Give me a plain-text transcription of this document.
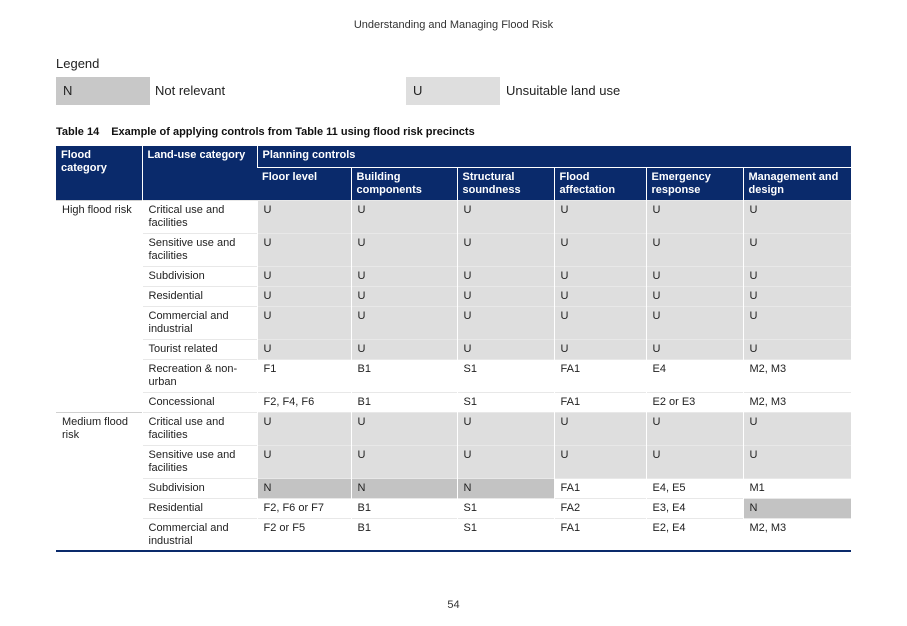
Understanding and Managing Flood Risk
Legend
N	Not relevant	U	Unsuitable land use
Table 14 Example of applying controls from Table 11 using flood risk precincts
Flood category	Land-use category	Planning controls					
		Floor level	Building components	Structural soundness	Flood affectation	Emergency response	Management and design
High flood risk	Critical use and facilities	U	U	U	U	U	U
	Sensitive use and facilities	U	U	U	U	U	U
	Subdivision	U	U	U	U	U	U
	Residential	U	U	U	U	U	U
	Commercial and industrial	U	U	U	U	U	U
	Tourist related	U	U	U	U	U	U
	Recreation & non-urban	F1	B1	S1	FA1	E4	M2, M3
	Concessional	F2, F4, F6	B1	S1	FA1	E2 or E3	M2, M3
Medium flood risk	Critical use and facilities	U	U	U	U	U	U
	Sensitive use and facilities	U	U	U	U	U	U
	Subdivision	N	N	N	FA1	E4, E5	M1
	Residential	F2, F6 or F7	B1	S1	FA2	E3, E4	N
	Commercial and industrial	F2 or F5	B1	S1	FA1	E2, E4	M2, M3
54
